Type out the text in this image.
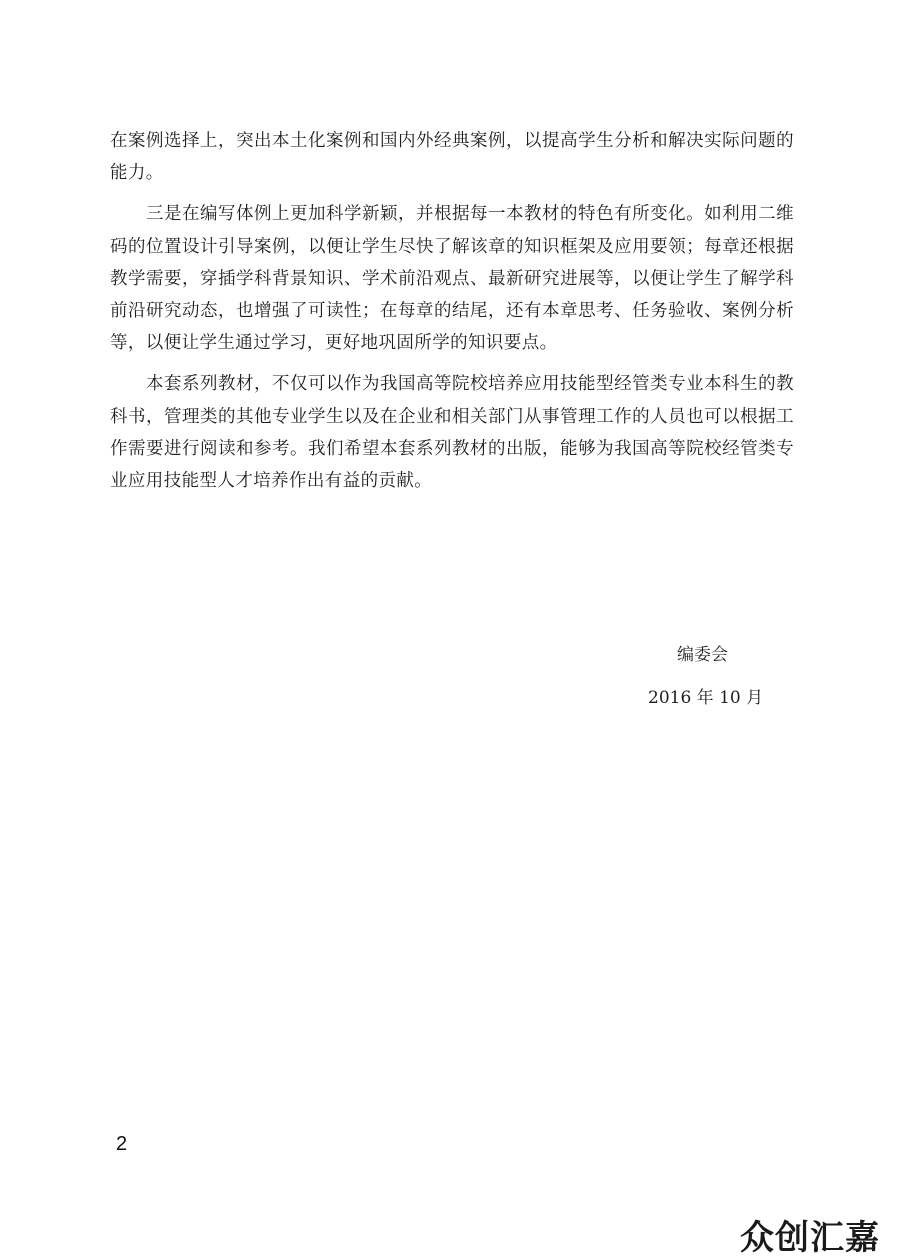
在案例选择上，突出本土化案例和国内外经典案例，以提高学生分析和解决实际问题的能力。

三是在编写体例上更加科学新颖，并根据每一本教材的特色有所变化。如利用二维码的位置设计引导案例，以便让学生尽快了解该章的知识框架及应用要领；每章还根据教学需要，穿插学科背景知识、学术前沿观点、最新研究进展等，以便让学生了解学科前沿研究动态，也增强了可读性；在每章的结尾，还有本章思考、任务验收、案例分析等，以便让学生通过学习，更好地巩固所学的知识要点。

本套系列教材，不仅可以作为我国高等院校培养应用技能型经管类专业本科生的教科书，管理类的其他专业学生以及在企业和相关部门从事管理工作的人员也可以根据工作需要进行阅读和参考。我们希望本套系列教材的出版，能够为我国高等院校经管类专业应用技能型人才培养作出有益的贡献。

编委会
2016 年 10 月
2
众创汇嘉
